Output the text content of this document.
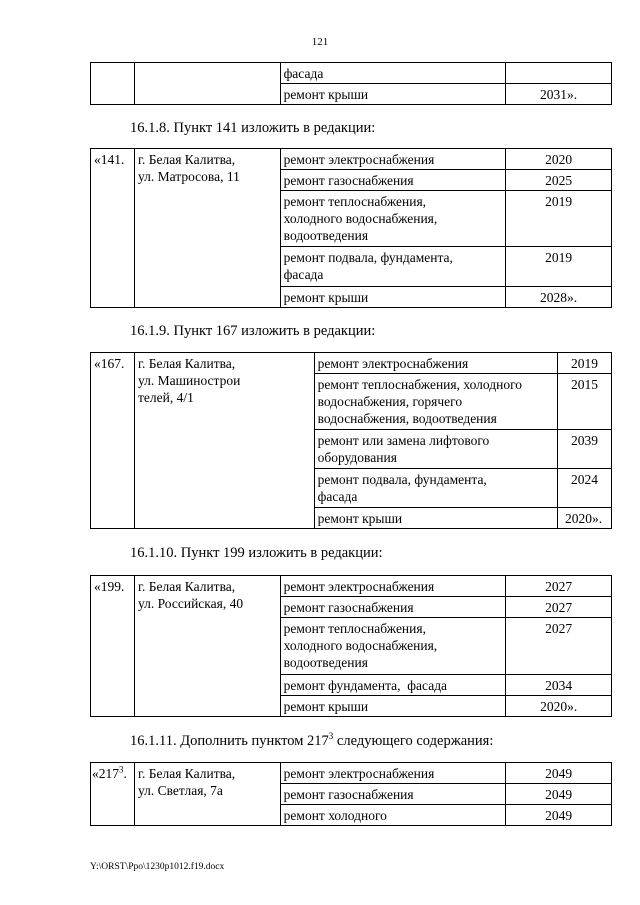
121
		фасада	
		ремонт крыши	2031».
16.1.8. Пункт 141 изложить в редакции:
«141.	г. Белая Калитва,
ул. Матросова, 11	ремонт электроснабжения	2020
		ремонт газоснабжения	2025
		ремонт теплоснабжения,
холодного водоснабжения,
водоотведения	2019
		ремонт подвала, фундамента,
фасада	2019
		ремонт крыши	2028».
16.1.9. Пункт 167 изложить в редакции:
«167.	г. Белая Калитва,
ул. Машинострои
телей, 4/1	ремонт электроснабжения	2019
		ремонт теплоснабжения, холодного
водоснабжения, горячего
водоснабжения, водоотведения	2015
		ремонт или замена лифтового
оборудования	2039
		ремонт подвала, фундамента,
фасада	2024
		ремонт крыши	2020».
16.1.10. Пункт 199 изложить в редакции:
«199.	г. Белая Калитва,
ул. Российская, 40	ремонт электроснабжения	2027
		ремонт газоснабжения	2027
		ремонт теплоснабжения,
холодного водоснабжения,
водоотведения	2027
		ремонт фундамента,  фасада	2034
		ремонт крыши	2020».
16.1.11. Дополнить пунктом $217^3$ следующего содержания:
«$217^3$.	г. Белая Калитва,
ул. Светлая, 7а	ремонт электроснабжения	2049
		ремонт газоснабжения	2049
		ремонт холодного	2049
Y:\ORST\Ppo\1230p1012.f19.docx
